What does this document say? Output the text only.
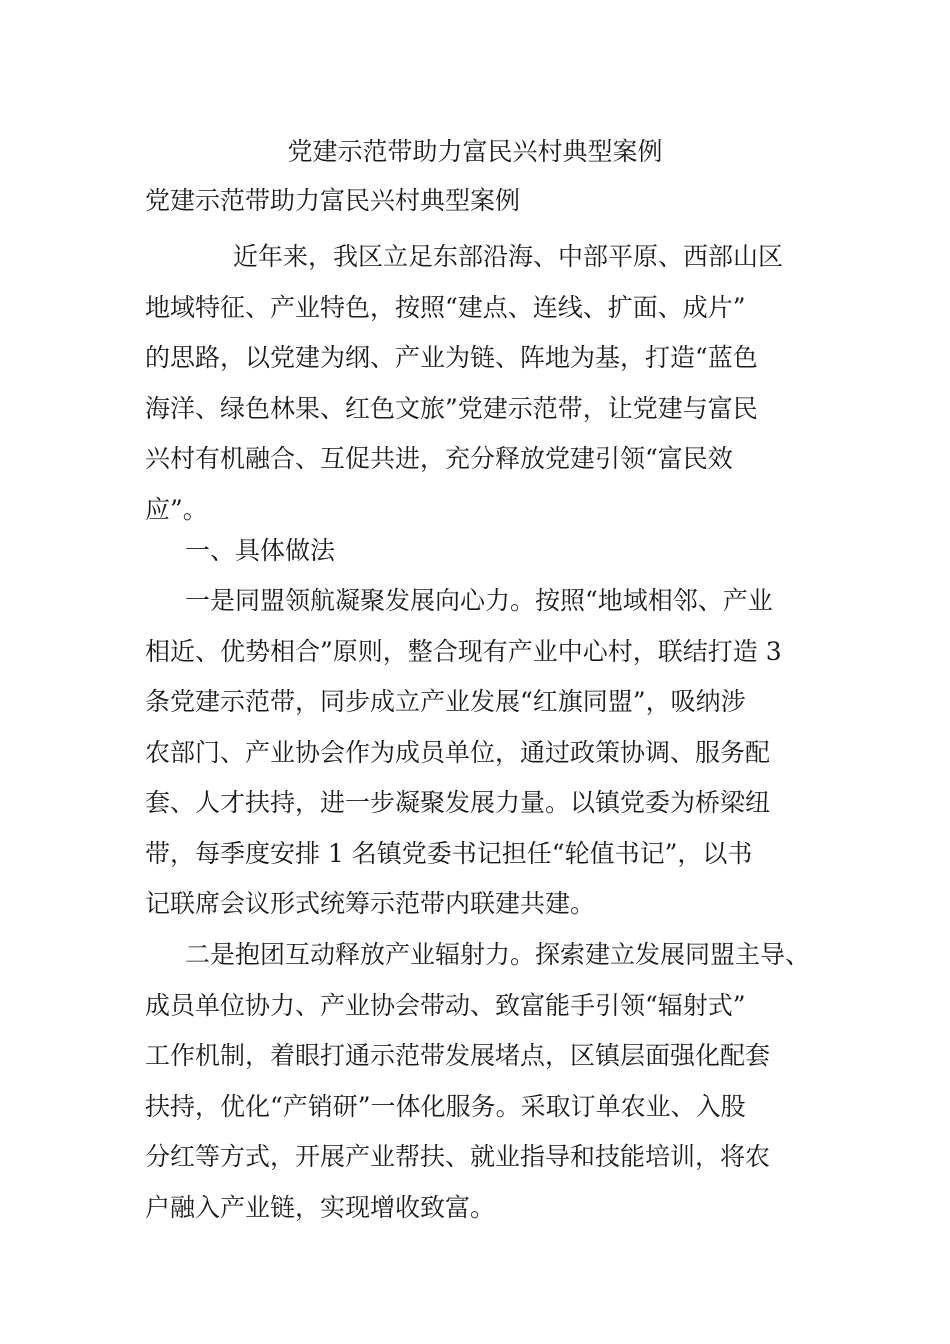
党建示范带助力富民兴村典型案例
党建示范带助力富民兴村典型案例
近年来，我区立足东部沿海、中部平原、西部山区
地域特征、产业特色，按照“建点、连线、扩面、成片”
的思路，以党建为纲、产业为链、阵地为基，打造“蓝色
海洋、绿色林果、红色文旅”党建示范带，让党建与富民
兴村有机融合、互促共进，充分释放党建引领“富民效
应”。
一、具体做法
一是同盟领航凝聚发展向心力。按照“地域相邻、产业
相近、优势相合”原则，整合现有产业中心村，联结打造 3
条党建示范带，同步成立产业发展“红旗同盟”，吸纳涉
农部门、产业协会作为成员单位，通过政策协调、服务配
套、人才扶持，进一步凝聚发展力量。以镇党委为桥梁纽
带，每季度安排 1 名镇党委书记担任“轮值书记”，以书
记联席会议形式统筹示范带内联建共建。
二是抱团互动释放产业辐射力。探索建立发展同盟主导、
成员单位协力、产业协会带动、致富能手引领“辐射式”
工作机制，着眼打通示范带发展堵点，区镇层面强化配套
扶持，优化“产销研”一体化服务。采取订单农业、入股
分红等方式，开展产业帮扶、就业指导和技能培训，将农
户融入产业链，实现增收致富。
